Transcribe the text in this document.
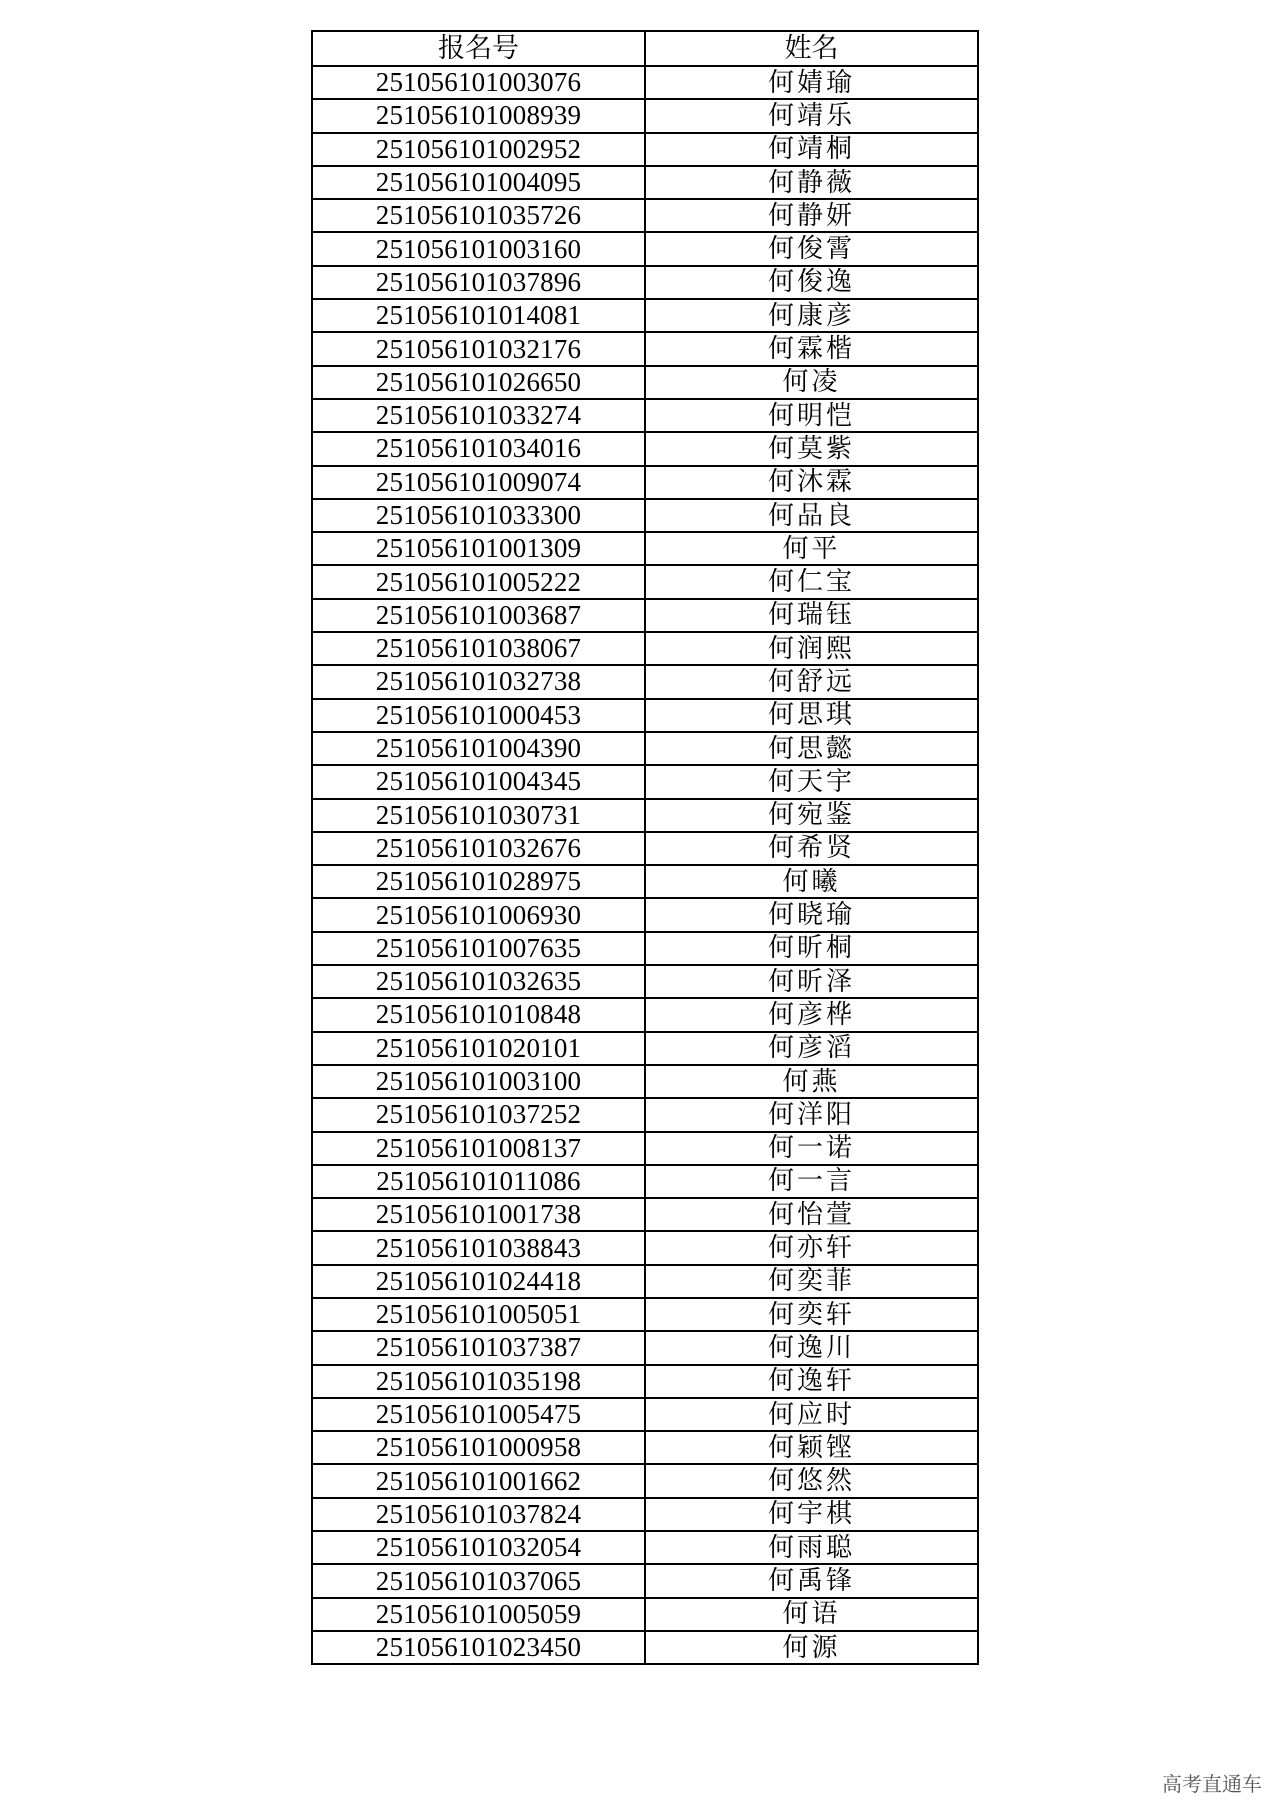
报名号	姓名
251056101003076	何婧瑜
251056101008939	何靖乐
251056101002952	何靖桐
251056101004095	何静薇
251056101035726	何静妍
251056101003160	何俊霄
251056101037896	何俊逸
251056101014081	何康彦
251056101032176	何霖楷
251056101026650	何凌
251056101033274	何明恺
251056101034016	何莫紫
251056101009074	何沐霖
251056101033300	何品良
251056101001309	何平
251056101005222	何仁宝
251056101003687	何瑞钰
251056101038067	何润熙
251056101032738	何舒远
251056101000453	何思琪
251056101004390	何思懿
251056101004345	何天宇
251056101030731	何宛鉴
251056101032676	何希贤
251056101028975	何曦
251056101006930	何晓瑜
251056101007635	何昕桐
251056101032635	何昕泽
251056101010848	何彦桦
251056101020101	何彦滔
251056101003100	何燕
251056101037252	何洋阳
251056101008137	何一诺
251056101011086	何一言
251056101001738	何怡萱
251056101038843	何亦轩
251056101024418	何奕菲
251056101005051	何奕轩
251056101037387	何逸川
251056101035198	何逸轩
251056101005475	何应时
251056101000958	何颖铿
251056101001662	何悠然
251056101037824	何宇棋
251056101032054	何雨聪
251056101037065	何禹锋
251056101005059	何语
251056101023450	何源
高考直通车
